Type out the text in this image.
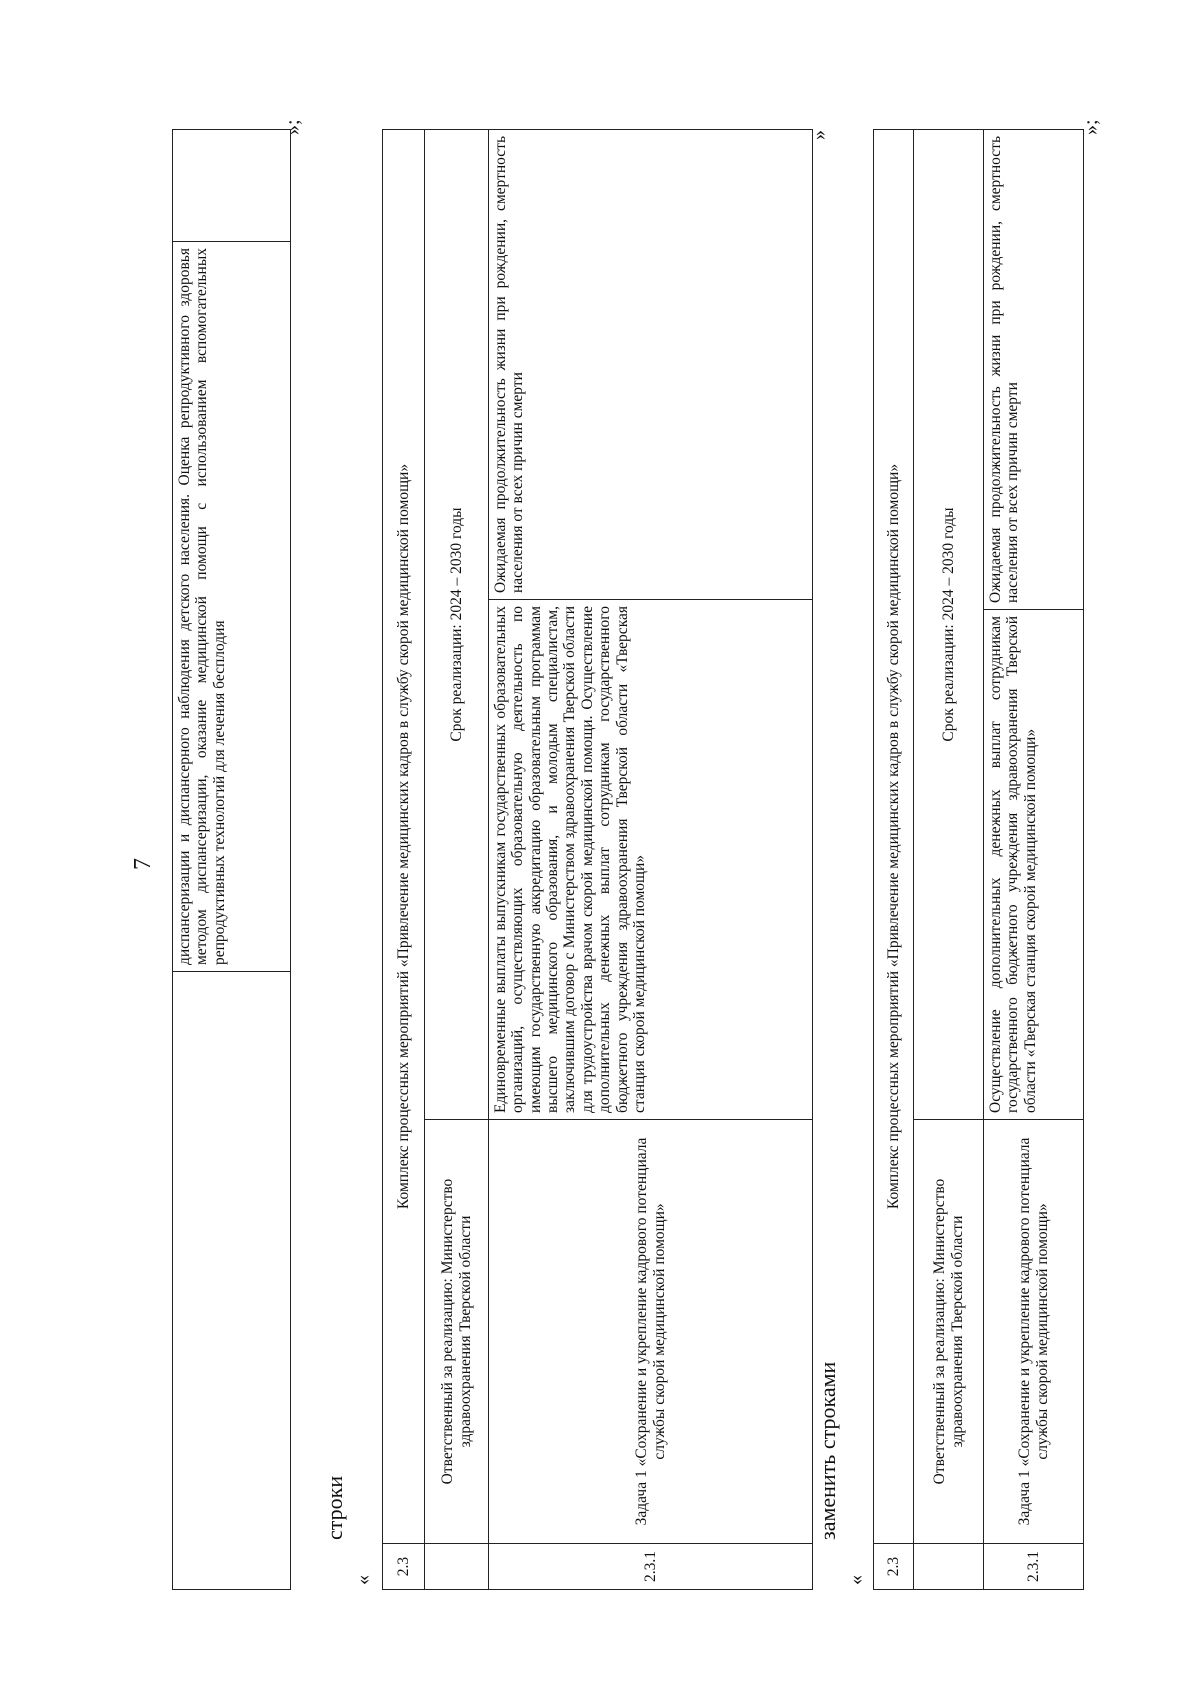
7
	диспансеризации и диспансерного наблюдения детского населения. Оценка репродуктивного здоровья методом диспансеризации, оказание медицинской помощи с использованием вспомогательных репродуктивных технологий для лечения бесплодия	
»;
строки
«
2.3	Комплекс процессных мероприятий «Привлечение медицинских кадров в службу скорой медицинской помощи»		
	Ответственный за реализацию: Министерство здравоохранения Тверской области	Срок реализации: 2024 – 2030 годы	
2.3.1	Задача 1 «Сохранение и укрепление кадрового потенциала службы скорой медицинской помощи»	Единовременные выплаты выпускникам государственных образовательных организаций, осуществляющих образовательную деятельность по имеющим государственную аккредитацию образовательным программам высшего медицинского образования, и молодым специалистам, заключившим договор с Министерством здравоохранения Тверской области для трудоустройства врачом скорой медицинской помощи. Осуществление дополнительных денежных выплат сотрудникам государственного бюджетного учреждения здравоохранения Тверской области «Тверская станция скорой медицинской помощи»	Ожидаемая продолжительность жизни при рождении, смертность населения от всех причин смерти
»
заменить строками
«
2.3	Комплекс процессных мероприятий «Привлечение медицинских кадров в службу скорой медицинской помощи»		
	Ответственный за реализацию: Министерство здравоохранения Тверской области	Срок реализации: 2024 – 2030 годы	
2.3.1	Задача 1 «Сохранение и укрепление кадрового потенциала службы скорой медицинской помощи»	Осуществление дополнительных денежных выплат сотрудникам государственного бюджетного учреждения здравоохранения Тверской области «Тверская станция скорой медицинской помощи»	Ожидаемая продолжительность жизни при рождении, смертность населения от всех причин смерти
»;
